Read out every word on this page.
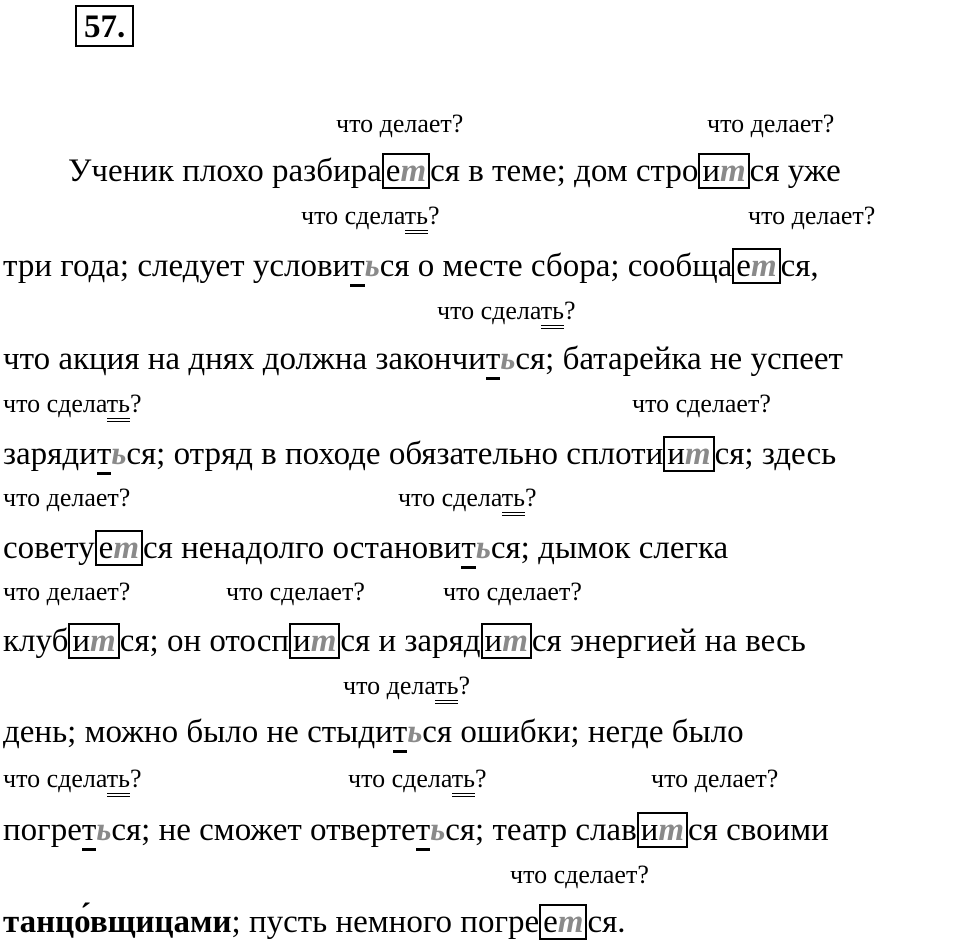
57.
что делает?	что делает?
Ученик плохо разбира ет ся в теме; дом стро ит ся уже
что сделать?	что делает?
три года; следует условиться о месте сбора; сообща ет ся,
что сделать?
что акция на днях должна закончиться; батарейка не успеет
что сделать?	что сделает?
зарядиться; отряд в походе обязательно сплоти ит ся; здесь
что делает?	что сделать?
совету ет ся ненадолго остановиться; дымок слегка
что делает?	что сделает?	что сделает?
клуб ит ся; он отосп ит ся и заряд ит ся энергией на весь
что делать?
день; можно было не стыдиться ошибки; негде было
что сделать?	что сделать?	что делает?
погреться; не сможет отвертеться; театр слав ит ся своими
что сделает?
танцо́вщицами; пусть немного погре ет ся.
